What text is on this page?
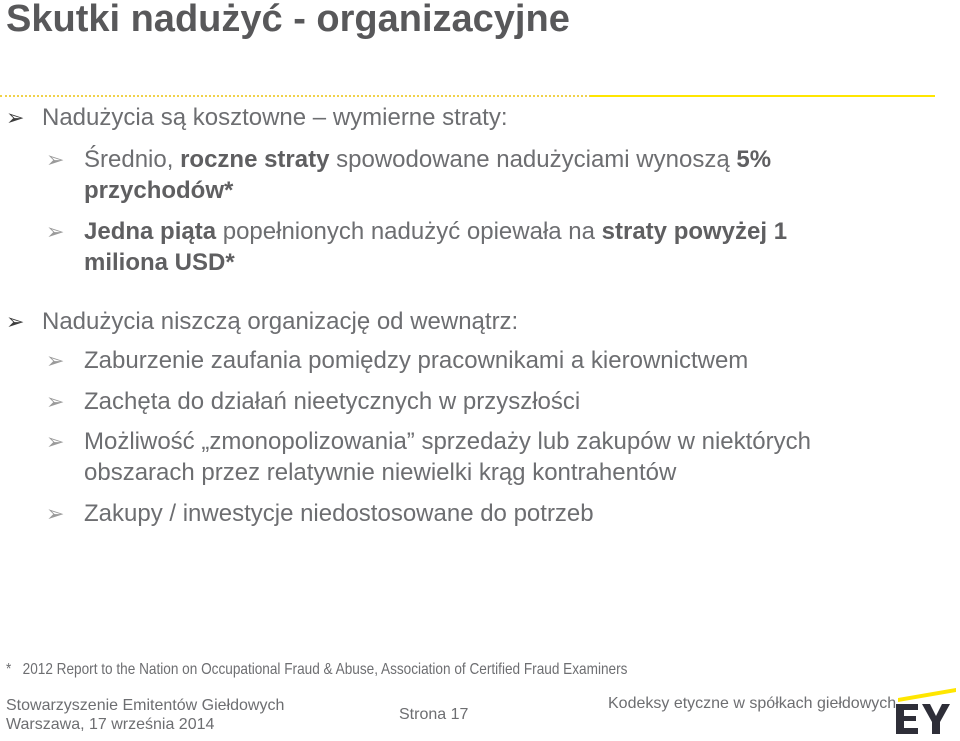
Skutki nadużyć - organizacyjne
➢ Nadużycia są kosztowne – wymierne straty:
➢ Średnio, roczne straty spowodowane nadużyciami wynoszą 5%
przychodów*
➢ Jedna piąta popełnionych nadużyć opiewała na straty powyżej 1
miliona USD*
➢ Nadużycia niszczą organizację od wewnątrz:
➢ Zaburzenie zaufania pomiędzy pracownikami a kierownictwem
➢ Zachęta do działań nieetycznych w przyszłości
➢ Możliwość „zmonopolizowania” sprzedaży lub zakupów w niektórych
obszarach przez relatywnie niewielki krąg kontrahentów
➢ Zakupy / inwestycje niedostosowane do potrzeb
* 2012 Report to the Nation on Occupational Fraud & Abuse, Association of Certified Fraud Examiners
Stowarzyszenie Emitentów Giełdowych
Warszawa, 17 września 2014
Strona 17
Kodeksy etyczne w spółkach giełdowych
EY
